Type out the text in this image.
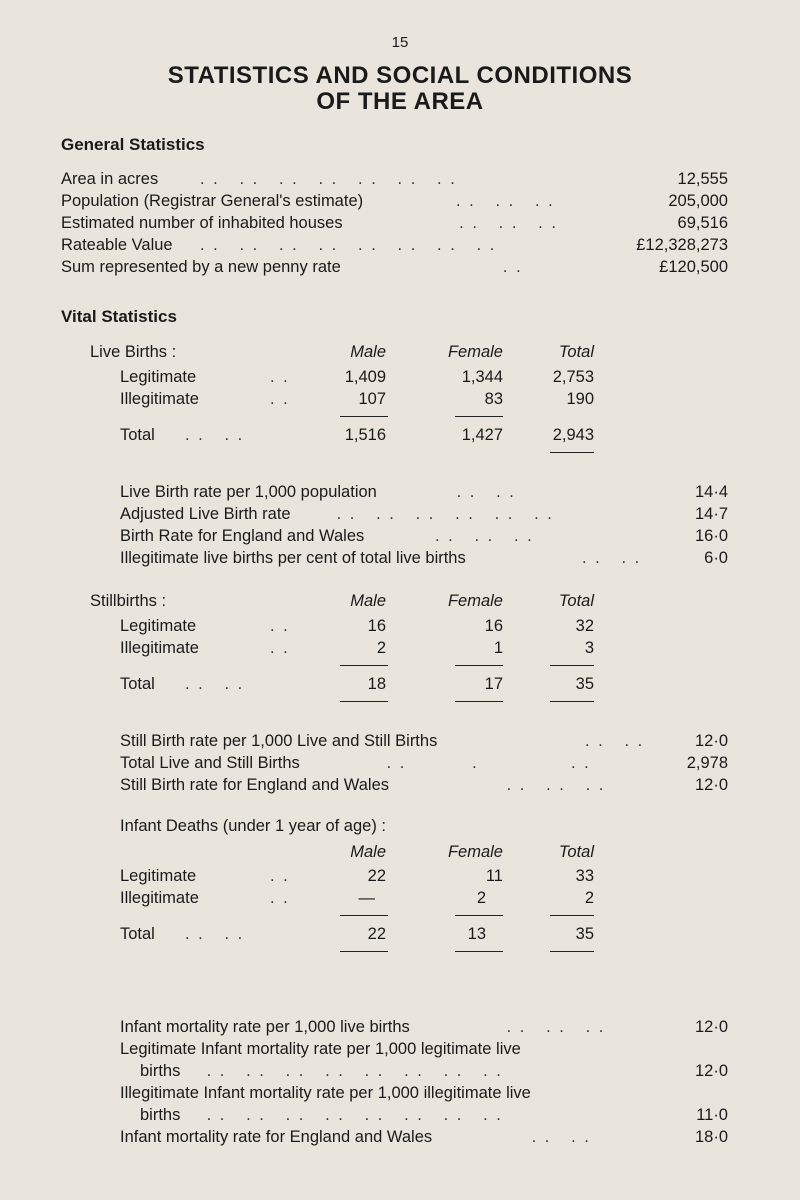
15
STATISTICS AND SOCIAL CONDITIONS
OF THE AREA
General Statistics
Area in acres	. .   . .   . .   . .   . .   . .   . .	12,555
Population (Registrar General's estimate)	. .   . .   . .	205,000
Estimated number of inhabited houses	. .   . .   . .	69,516
Rateable Value . .   . .   . .   . .   . .   . .   . .   . .	£12,328,273
Sum represented by a new penny rate	. .	£120,500
Vital Statistics
Live Births :	Male	Female	Total
Legitimate	. .	1,409	1,344	2,753
Illegitimate	. .	107	83	190
Total . .   . .	1,516	1,427	2,943
Live Birth rate per 1,000 population	. .   . .	14·4
Adjusted Live Birth rate . .   . .   . .   . .   . .   . .	14·7
Birth Rate for England and Wales	. .   . .   . .	16·0
Illegitimate live births per cent of total live births	. .   . .	6·0
Stillbirths :	Male	Female	Total
Legitimate	. .	16	16	32
Illegitimate	. .	2	1	3
Total . .   . .	18	17	35
Still Birth rate per 1,000 Live and Still Births	. .   . .	12·0
Total Live and Still Births	. .          .              . .	2,978
Still Birth rate for England and Wales	. .   . .   . .	12·0
Infant Deaths (under 1 year of age) :
Male	Female	Total
Legitimate	. .	22	11	33
Illegitimate	. .	—	2	2
Total . .   . .	22	13	35
Infant mortality rate per 1,000 live births	. .   . .   . .	12·0
Legitimate Infant mortality rate per 1,000 legitimate live
births . .   . .   . .   . .   . .   . .   . .   . .	12·0
Illegitimate Infant mortality rate per 1,000 illegitimate live
births . .   . .   . .   . .   . .   . .   . .   . .	11·0
Infant mortality rate for England and Wales	. .   . .	18·0
